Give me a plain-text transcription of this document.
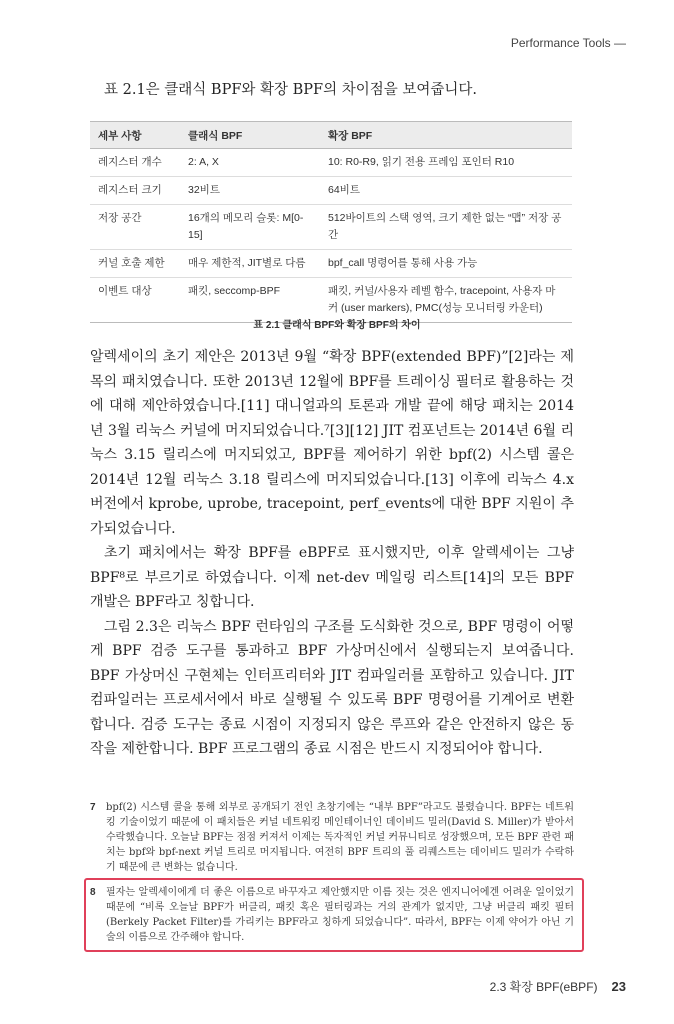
Performance Tools —
표 2.1은 클래식 BPF와 확장 BPF의 차이점을 보여줍니다.
세부 사항	클래식 BPF	확장 BPF
레지스터 개수	2: A, X	10: R0-R9, 읽기 전용 프레임 포인터 R10
레지스터 크기	32비트	64비트
저장 공간	16개의 메모리 슬롯: M[0-15]	512바이트의 스택 영역, 크기 제한 없는 “맵” 저장 공간
커널 호출 제한	매우 제한적, JIT별로 다름	bpf_call 명령어를 통해 사용 가능
이벤트 대상	패킷, seccomp-BPF	패킷, 커널/사용자 레벨 함수, tracepoint, 사용자 마커 (user markers), PMC(성능 모니터링 카운터)
표 2.1 클래식 BPF와 확장 BPF의 차이

알렉세이의 초기 제안은 2013년 9월 “확장 BPF(extended BPF)”[2]라는 제목의 패치였습니다. 또한 2013년 12월에 BPF를 트레이싱 필터로 활용하는 것에 대해 제안하였습니다.[11] 대니얼과의 토론과 개발 끝에 해당 패치는 2014년 3월 리눅스 커널에 머지되었습니다.⁷[3][12] JIT 컴포넌트는 2014년 6월 리눅스 3.15 릴리스에 머지되었고, BPF를 제어하기 위한 bpf(2) 시스템 콜은 2014년 12월 리눅스 3.18 릴리스에 머지되었습니다.[13] 이후에 리눅스 4.x 버전에서 kprobe, uprobe, tracepoint, perf_events에 대한 BPF 지원이 추가되었습니다.

초기 패치에서는 확장 BPF를 eBPF로 표시했지만, 이후 알렉세이는 그냥 BPF⁸로 부르기로 하였습니다. 이제 net-dev 메일링 리스트[14]의 모든 BPF 개발은 BPF라고 칭합니다.

그림 2.3은 리눅스 BPF 런타임의 구조를 도식화한 것으로, BPF 명령이 어떻게 BPF 검증 도구를 통과하고 BPF 가상머신에서 실행되는지 보여줍니다. BPF 가상머신 구현체는 인터프리터와 JIT 컴파일러를 포함하고 있습니다. JIT 컴파일러는 프로세서에서 바로 실행될 수 있도록 BPF 명령어를 기계어로 변환합니다. 검증 도구는 종료 시점이 지정되지 않은 루프와 같은 안전하지 않은 동작을 제한합니다. BPF 프로그램의 종료 시점은 반드시 지정되어야 합니다.

7 bpf(2) 시스템 콜을 통해 외부로 공개되기 전인 초창기에는 “내부 BPF”라고도 불렸습니다. BPF는 네트워킹 기술이었기 때문에 이 패치들은 커널 네트워킹 메인테이너인 데이비드 밀러(David S. Miller)가 받아서 수락했습니다. 오늘날 BPF는 점점 커져서 이제는 독자적인 커널 커뮤니티로 성장했으며, 모든 BPF 관련 패치는 bpf와 bpf-next 커널 트리로 머지됩니다. 여전히 BPF 트리의 풀 리퀘스트는 데이비드 밀러가 수락하기 때문에 큰 변화는 없습니다.
8 필자는 알렉세이에게 더 좋은 이름으로 바꾸자고 제안했지만 이름 짓는 것은 엔지니어에겐 어려운 일이었기 때문에 “비록 오늘날 BPF가 버클리, 패킷 혹은 필터링과는 거의 관계가 없지만, 그냥 버클리 패킷 필터(Berkely Packet Filter)를 가리키는 BPF라고 칭하게 되었습니다”. 따라서, BPF는 이제 약어가 아닌 기술의 이름으로 간주해야 합니다.
2.3 확장 BPF(eBPF) 23
